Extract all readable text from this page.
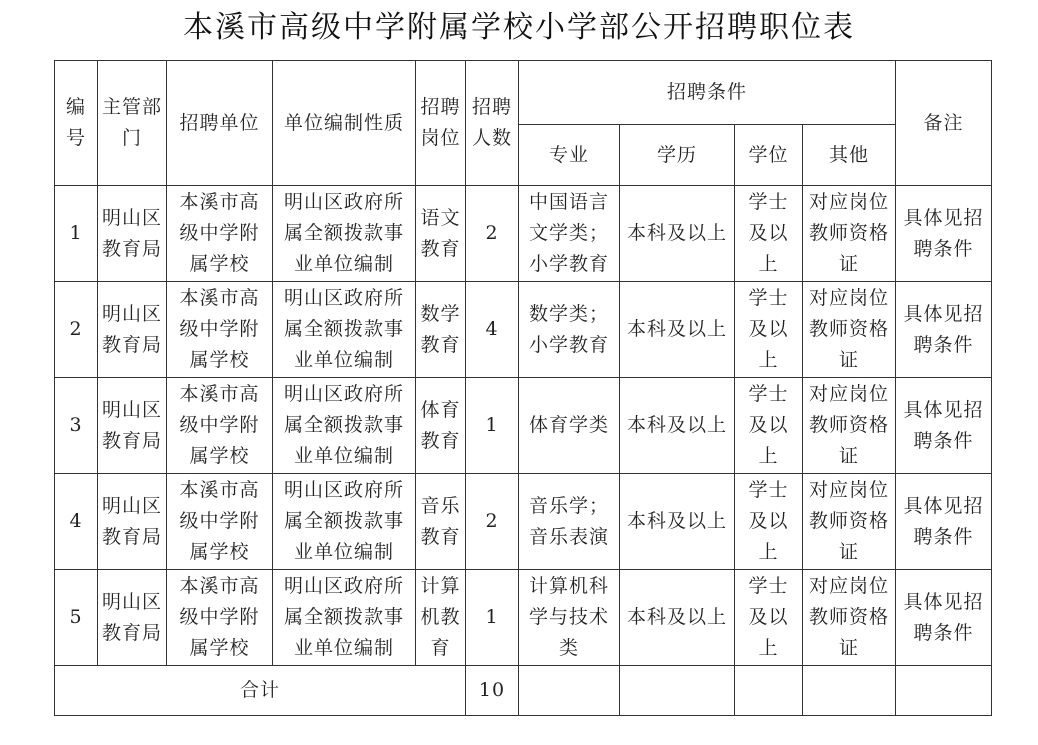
本溪市高级中学附属学校小学部公开招聘职位表
编号	主管部门	招聘单位	单位编制性质	招聘岗位	招聘人数	招聘条件				备注
						专业	学历	学位	其他	
1	明山区教育局	本溪市高级中学附属学校	明山区政府所属全额拨款事业单位编制	语文教育	2	中国语言文学类；小学教育	本科及以上	学士及以上	对应岗位教师资格证	具体见招聘条件
2	明山区教育局	本溪市高级中学附属学校	明山区政府所属全额拨款事业单位编制	数学教育	4	数学类；小学教育	本科及以上	学士及以上	对应岗位教师资格证	具体见招聘条件
3	明山区教育局	本溪市高级中学附属学校	明山区政府所属全额拨款事业单位编制	体育教育	1	体育学类	本科及以上	学士及以上	对应岗位教师资格证	具体见招聘条件
4	明山区教育局	本溪市高级中学附属学校	明山区政府所属全额拨款事业单位编制	音乐教育	2	音乐学；音乐表演	本科及以上	学士及以上	对应岗位教师资格证	具体见招聘条件
5	明山区教育局	本溪市高级中学附属学校	明山区政府所属全额拨款事业单位编制	计算机教育	1	计算机科学与技术类	本科及以上	学士及以上	对应岗位教师资格证	具体见招聘条件
合计					10					
